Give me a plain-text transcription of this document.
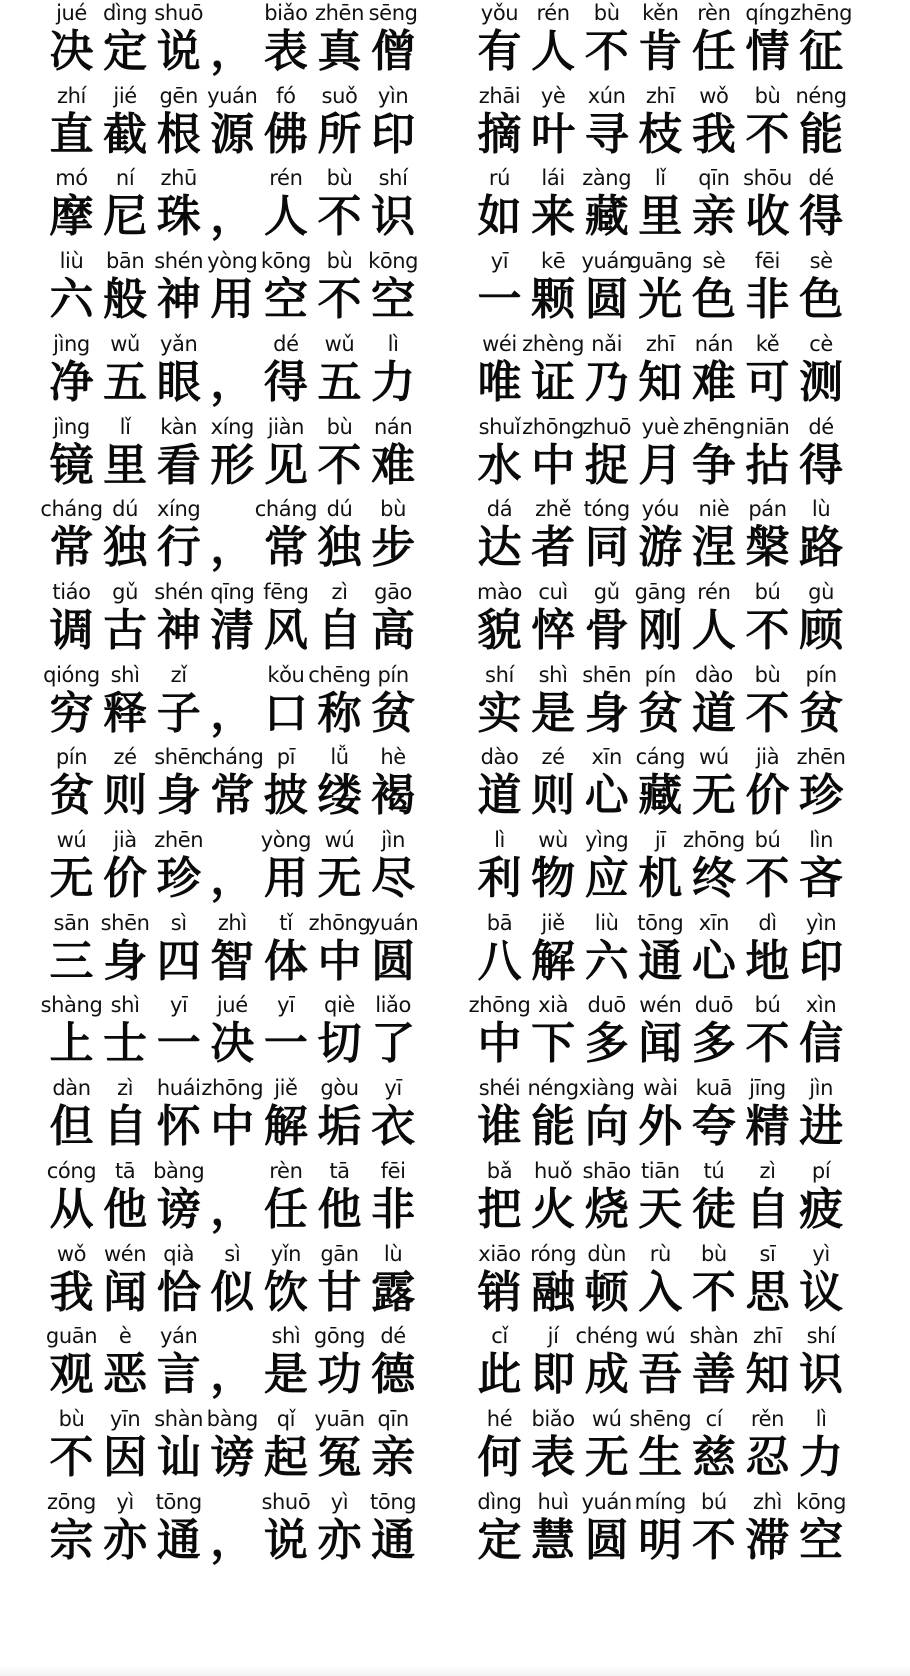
jué
决
dìng
定
shuō
说 ，
biǎo
表
zhēn
真
sēng
僧
yǒu
有
rén
人
bù
不
kěn
肯
rèn
任
qíng
情
zhēng
征
zhí
直
jié
截
gēn
根
yuán
源
fó
佛
suǒ
所
yìn
印
zhāi
摘
yè
叶
xún
寻
zhī
枝
wǒ
我
bù
不
néng
能
mó
摩
ní
尼
zhū
珠 ，
rén
人
bù
不
shí
识
rú
如
lái
来
zàng
藏
lǐ
里
qīn
亲
shōu
收
dé
得
liù
六
bān
般
shén
神
yòng
用
kōng
空
bù
不
kōng
空
yī
一
kē
颗
yuán
圆
guāng
光
sè
色
fēi
非
sè
色
jìng
净
wǔ
五
yǎn
眼 ，
dé
得
wǔ
五
lì
力
wéi
唯
zhèng
证
nǎi
乃
zhī
知
nán
难
kě
可
cè
测
jìng
镜
lǐ
里
kàn
看
xíng
形
jiàn
见
bù
不
nán
难
shuǐ
水
zhōng
中
zhuō
捉
yuè
月
zhēng
争
niān
拈
dé
得
cháng
常
dú
独
xíng
行 ，
cháng
常
dú
独
bù
步
dá
达
zhě
者
tóng
同
yóu
游
niè
涅
pán
槃
lù
路
tiáo
调
gǔ
古
shén
神
qīng
清
fēng
风
zì
自
gāo
高
mào
貌
cuì
悴
gǔ
骨
gāng
刚
rén
人
bú
不
gù
顾
qióng
穷
shì
释
zǐ
子 ，
kǒu
口
chēng
称
pín
贫
shí
实
shì
是
shēn
身
pín
贫
dào
道
bù
不
pín
贫
pín
贫
zé
则
shēn
身
cháng
常
pī
披
lǚ
缕
hè
褐
dào
道
zé
则
xīn
心
cáng
藏
wú
无
jià
价
zhēn
珍
wú
无
jià
价
zhēn
珍 ，
yòng
用
wú
无
jìn
尽
lì
利
wù
物
yìng
应
jī
机
zhōng
终
bú
不
lìn
吝
sān
三
shēn
身
sì
四
zhì
智
tǐ
体
zhōng
中
yuán
圆
bā
八
jiě
解
liù
六
tōng
通
xīn
心
dì
地
yìn
印
shàng
上
shì
士
yī
一
jué
决
yī
一
qiè
切
liǎo
了
zhōng
中
xià
下
duō
多
wén
闻
duō
多
bú
不
xìn
信
dàn
但
zì
自
huái
怀
zhōng
中
jiě
解
gòu
垢
yī
衣
shéi
谁
néng
能
xiàng
向
wài
外
kuā
夸
jīng
精
jìn
进
cóng
从
tā
他
bàng
谤 ，
rèn
任
tā
他
fēi
非
bǎ
把
huǒ
火
shāo
烧
tiān
天
tú
徒
zì
自
pí
疲
wǒ
我
wén
闻
qià
恰
sì
似
yǐn
饮
gān
甘
lù
露
xiāo
销
róng
融
dùn
顿
rù
入
bù
不
sī
思
yì
议
guān
观
è
恶
yán
言 ，
shì
是
gōng
功
dé
德
cǐ
此
jí
即
chéng
成
wú
吾
shàn
善
zhī
知
shí
识
bù
不
yīn
因
shàn
讪
bàng
谤
qǐ
起
yuān
冤
qīn
亲
hé
何
biǎo
表
wú
无
shēng
生
cí
慈
rěn
忍
lì
力
zōng
宗
yì
亦
tōng
通 ，
shuō
说
yì
亦
tōng
通
dìng
定
huì
慧
yuán
圆
míng
明
bú
不
zhì
滞
kōng
空
